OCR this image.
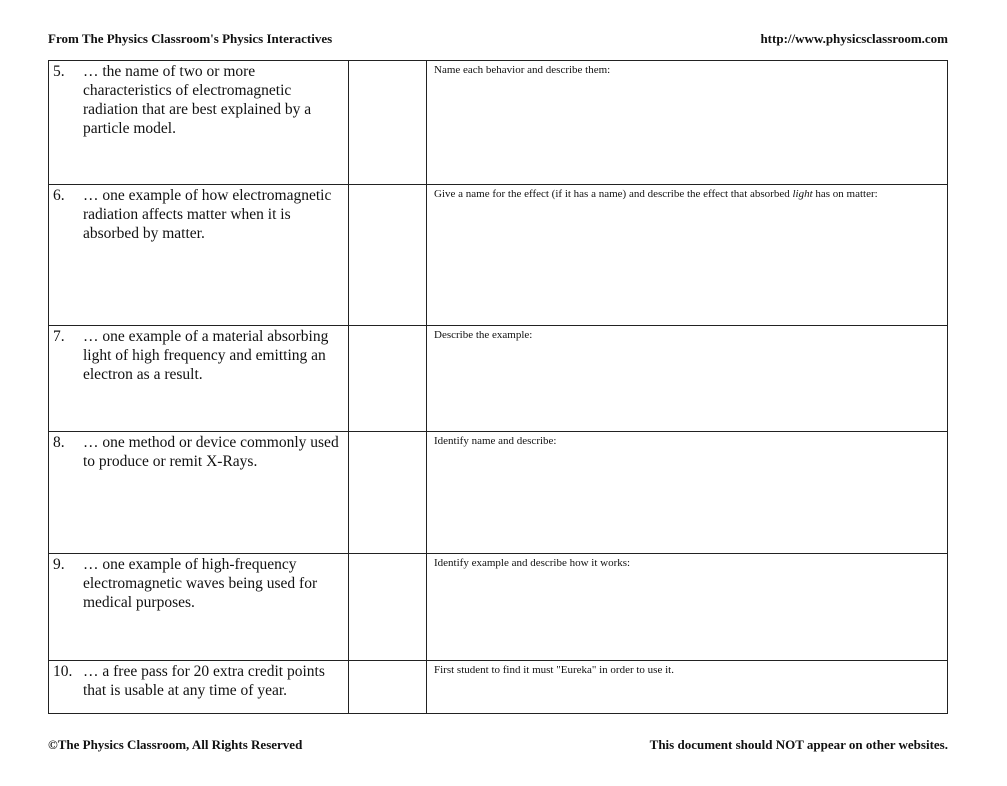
From The Physics Classroom's Physics Interactives	http://www.physicsclassroom.com
5. … the name of two or more characteristics of electromagnetic radiation that are best explained by a particle model.		Name each behavior and describe them:

6. … one example of how electromagnetic radiation affects matter when it is absorbed by matter.		Give a name for the effect (if it has a name) and describe the effect that absorbed light has on matter:

7. … one example of a material absorbing light of high frequency and emitting an electron as a result.		Describe the example:

8. … one method or device commonly used to produce or remit X-Rays.		Identify name and describe:

9. … one example of high-frequency electromagnetic waves being used for medical purposes.		Identify example and describe how it works:

10. … a free pass for 20 extra credit points that is usable at any time of year.		First student to find it must "Eureka" in order to use it.
©The Physics Classroom, All Rights Reserved	This document should NOT appear on other websites.
